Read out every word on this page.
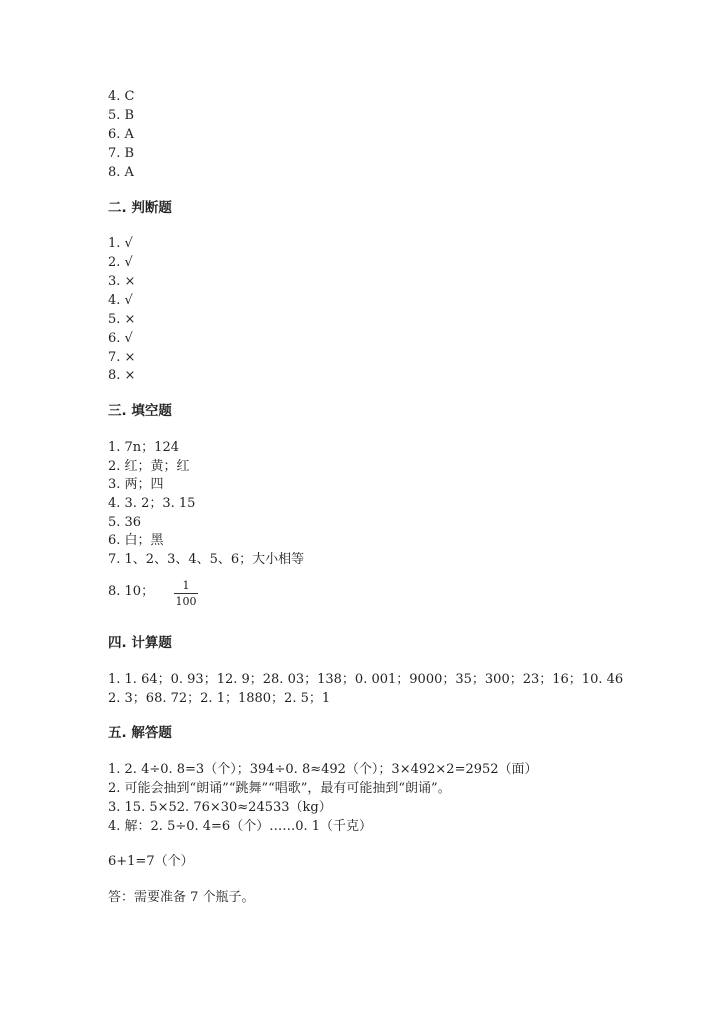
4. C
5. B
6. A
7. B
8. A
二. 判断题
1. √
2. √
3. ×
4. √
5. ×
6. √
7. ×
8. ×
三. 填空题
1. 7n；124
2. 红；黄；红
3. 两；四
4. 3. 2；3. 15
5. 36
6. 白；黑
7. 1、2、3、4、5、6；大小相等
8. 10；	1
100
四. 计算题
1. 1. 64；0. 93；12. 9；28. 03；138；0. 001；9000；35；300；23；16；10. 46
2. 3；68. 72；2. 1；1880；2. 5；1
五. 解答题
1. 2. 4÷0. 8=3（个）；394÷0. 8≈492（个）；3×492×2=2952（面）
2. 可能会抽到“朗诵”“跳舞”“唱歌”，最有可能抽到“朗诵”。
3. 15. 5×52. 76×30≈24533（kg）
4. 解：2. 5÷0. 4=6（个）……0. 1（千克）
6+1=7（个）
答：需要准备 7 个瓶子。
